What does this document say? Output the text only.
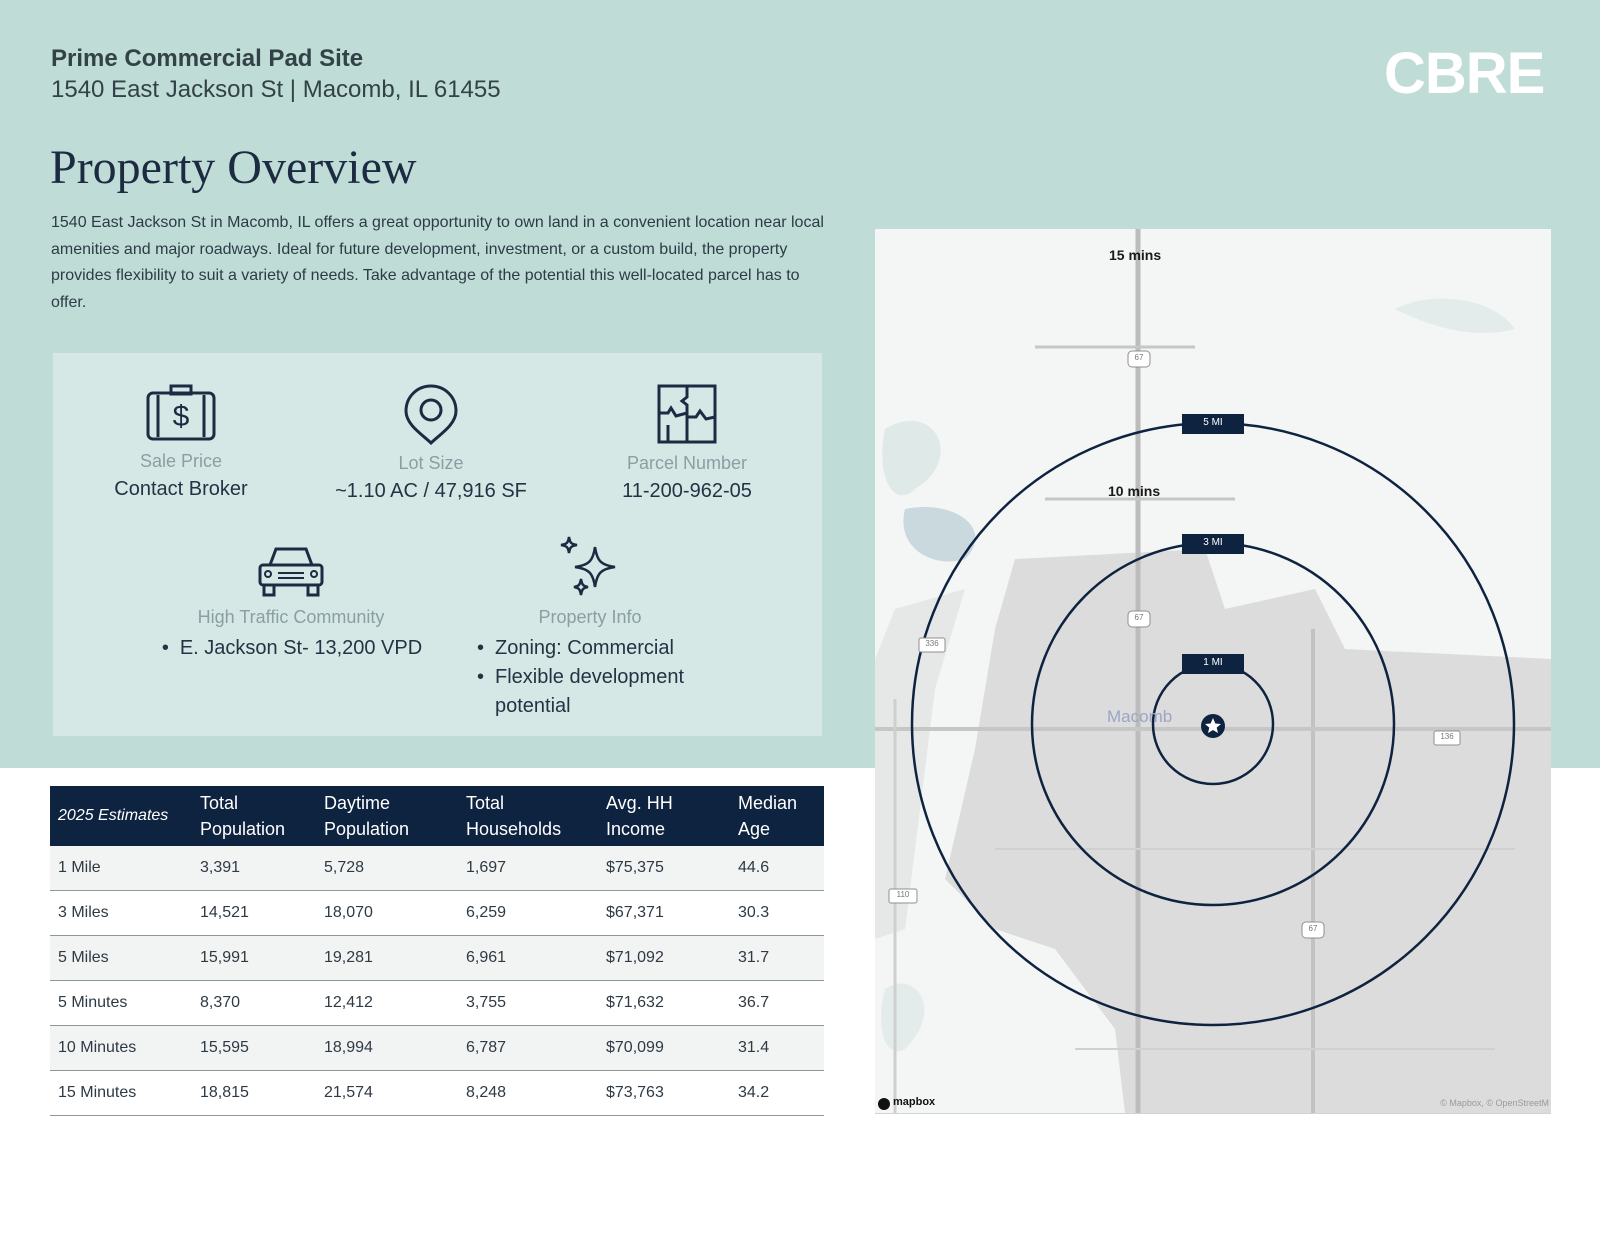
Prime Commercial Pad Site
1540 East Jackson St | Macomb, IL 61455	CBRE
Property Overview
1540 East Jackson St in Macomb, IL offers a great opportunity to own land in a convenient location near local amenities and major roadways. Ideal for future development, investment, or a custom build, the property provides flexibility to suit a variety of needs. Take advantage of the potential this well-located parcel has to offer.
$
Sale Price
Contact Broker
Lot Size
~1.10 AC / 47,916 SF
Parcel Number
11-200-962-05
High Traffic Community
• E. Jackson St- 13,200 VPD
Property Info
• Zoning: Commercial
• Flexible development potential
2025 Estimates	Total Population	Daytime Population	Total Households	Avg. HH Income	Median Age
1 Mile	3,391	5,728	1,697	$75,375	44.6
3 Miles	14,521	18,070	6,259	$67,371	30.3
5 Miles	15,991	19,281	6,961	$71,092	31.7
5 Minutes	8,370	12,412	3,755	$71,632	36.7
10 Minutes	15,595	18,994	6,787	$70,099	31.4
15 Minutes	18,815	21,574	8,248	$73,763	34.2
15 mins
10 mins
5 MI
3 MI
1 MI
Macomb
67
67
336
136
110
67
mapbox	© Mapbox, © OpenStreetM
